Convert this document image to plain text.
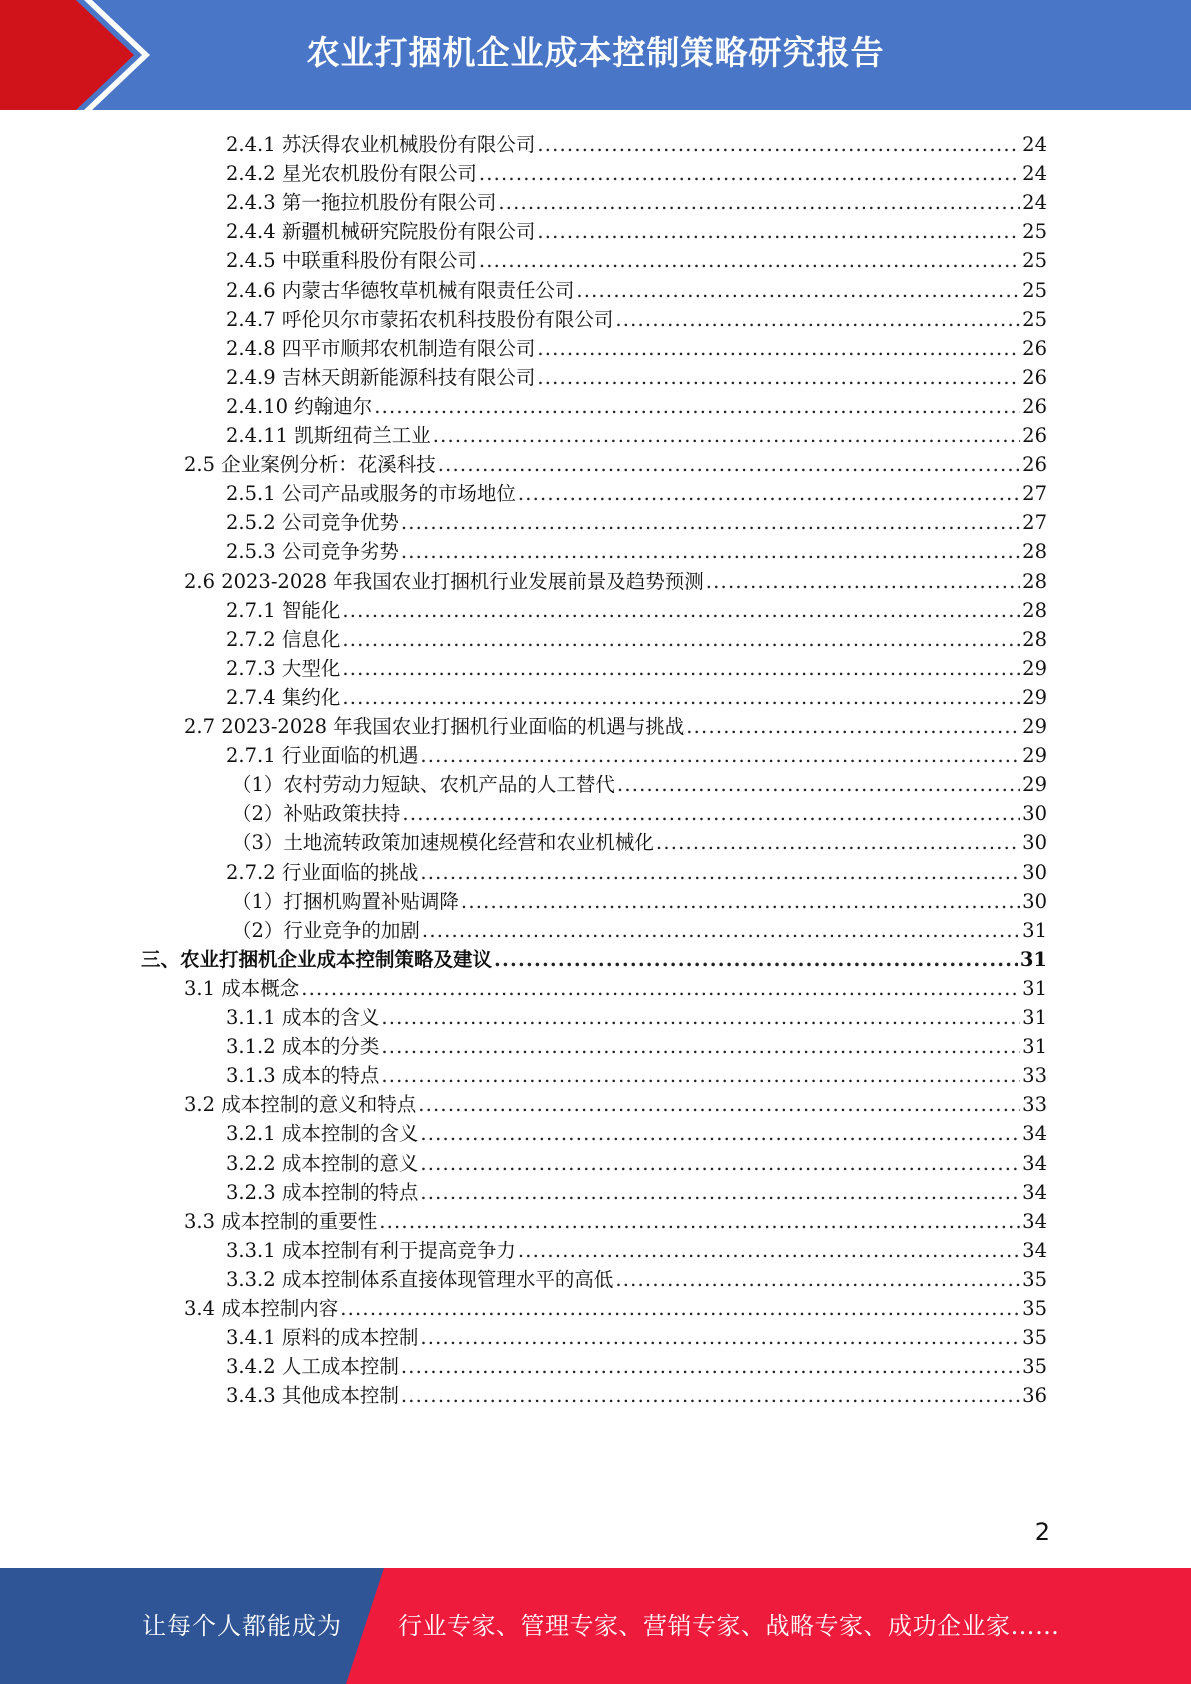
农业打捆机企业成本控制策略研究报告
2.4.1 苏沃得农业机械股份有限公司 .....	24
2.4.2 星光农机股份有限公司 .....	24
2.4.3 第一拖拉机股份有限公司 .....	24
2.4.4 新疆机械研究院股份有限公司 .....	25
2.4.5 中联重科股份有限公司 .....	25
2.4.6 内蒙古华德牧草机械有限责任公司 .....	25
2.4.7 呼伦贝尔市蒙拓农机科技股份有限公司 .....	25
2.4.8 四平市顺邦农机制造有限公司 .....	26
2.4.9 吉林天朗新能源科技有限公司 .....	26
2.4.10 约翰迪尔 .....	26
2.4.11 凯斯纽荷兰工业 .....	26
2.5 企业案例分析：花溪科技 .....	26
2.5.1 公司产品或服务的市场地位 .....	27
2.5.2 公司竞争优势 .....	27
2.5.3 公司竞争劣势 .....	28
2.6 2023-2028 年我国农业打捆机行业发展前景及趋势预测 .....	28
2.7.1 智能化 .....	28
2.7.2 信息化 .....	28
2.7.3 大型化 .....	29
2.7.4 集约化 .....	29
2.7 2023-2028 年我国农业打捆机行业面临的机遇与挑战 .....	29
2.7.1 行业面临的机遇 .....	29
（1）农村劳动力短缺、农机产品的人工替代 .....	29
（2）补贴政策扶持 .....	30
（3）土地流转政策加速规模化经营和农业机械化 .....	30
2.7.2 行业面临的挑战 .....	30
（1）打捆机购置补贴调降 .....	30
（2）行业竞争的加剧 .....	31
三、农业打捆机企业成本控制策略及建议 .....	31
3.1 成本概念 .....	31
3.1.1 成本的含义 .....	31
3.1.2 成本的分类 .....	31
3.1.3 成本的特点 .....	33
3.2 成本控制的意义和特点 .....	33
3.2.1 成本控制的含义 .....	34
3.2.2 成本控制的意义 .....	34
3.2.3 成本控制的特点 .....	34
3.3 成本控制的重要性 .....	34
3.3.1 成本控制有利于提高竞争力 .....	34
3.3.2 成本控制体系直接体现管理水平的高低 .....	35
3.4 成本控制内容 .....	35
3.4.1 原料的成本控制 .....	35
3.4.2 人工成本控制 .....	35
3.4.3 其他成本控制 .....	36
2
让每个人都能成为 行业专家、管理专家、营销专家、战略专家、成功企业家……
